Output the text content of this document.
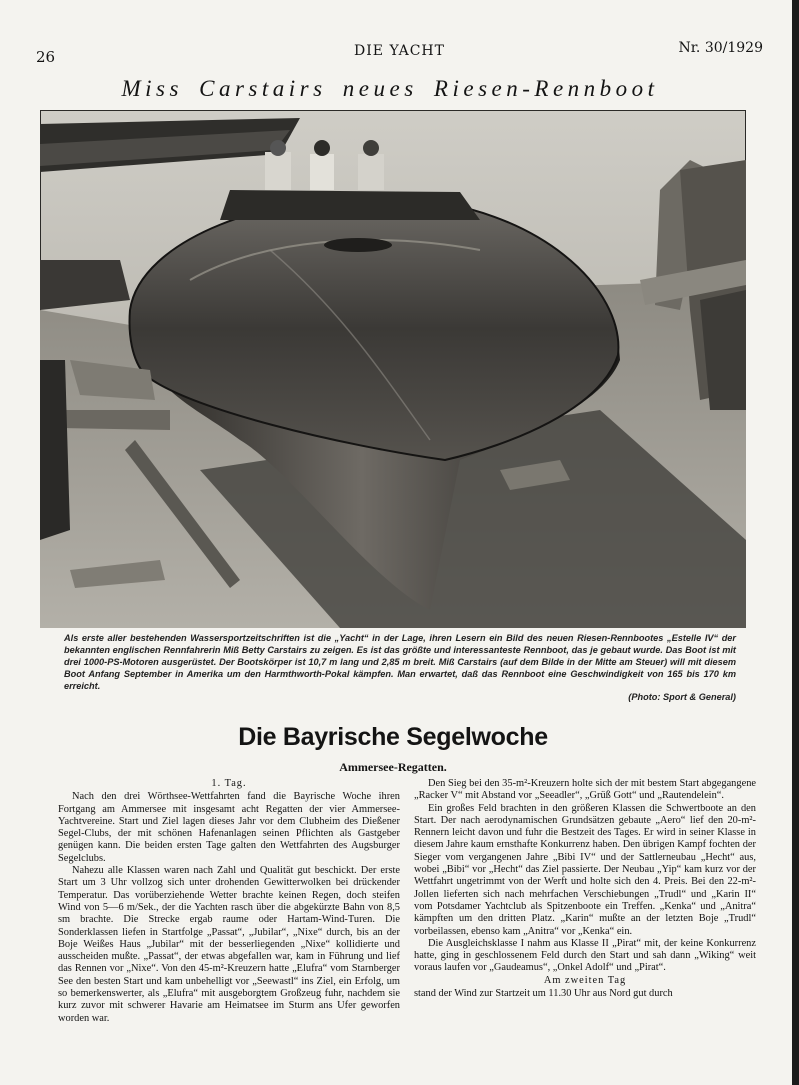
26	DIE YACHT	Nr. 30/1929
Miss Carstairs neues Riesen-Rennboot
Als erste aller bestehenden Wassersportzeitschriften ist die „Yacht“ in der Lage, ihren Lesern ein Bild des neuen Riesen-Rennbootes „Estelle IV“ der bekannten englischen Rennfahrerin Miß Betty Carstairs zu zeigen. Es ist das größte und interessanteste Rennboot, das je gebaut wurde. Das Boot ist mit drei 1000-PS-Motoren ausgerüstet. Der Bootskörper ist 10,7 m lang und 2,85 m breit. Miß Carstairs (auf dem Bilde in der Mitte am Steuer) will mit diesem Boot Anfang September in Amerika um den Harmthworth-Pokal kämpfen. Man erwartet, daß das Rennboot eine Geschwindigkeit von 165 bis 170 km erreicht.
(Photo: Sport & General)
Die Bayrische Segelwoche
Ammersee-Regatten.

1. Tag.

Nach den drei Wörthsee-Wettfahrten fand die Bayrische Woche ihren Fortgang am Ammersee mit insgesamt acht Regatten der vier Ammersee-Yachtvereine. Start und Ziel lagen dieses Jahr vor dem Clubheim des Dießener Segel-Clubs, der mit schönen Hafenanlagen seinen Pflichten als Gastgeber genügen kann. Die beiden ersten Tage galten den Wettfahrten des Augsburger Segelclubs.

Nahezu alle Klassen waren nach Zahl und Qualität gut beschickt. Der erste Start um 3 Uhr vollzog sich unter drohenden Gewitterwolken bei drückender Temperatur. Das vorüberziehende Wetter brachte keinen Regen, doch steifen Wind von 5—6 m/Sek., der die Yachten rasch über die abgekürzte Bahn von 8,5 sm brachte. Die Strecke ergab raume oder Hartam-Wind-Turen. Die Sonderklassen liefen in Startfolge „Passat“, „Jubilar“, „Nixe“ durch, bis an der Boje Weißes Haus „Jubilar“ mit der besserliegenden „Nixe“ kollidierte und ausscheiden mußte. „Passat“, der etwas abgefallen war, kam in Führung und lief das Rennen vor „Nixe“. Von den 45-m²-Kreuzern hatte „Elufra“ vom Starnberger See den besten Start und kam unbehelligt vor „Seewastl“ ins Ziel, ein Erfolg, um so bemerkenswerter, als „Elufra“ mit ausgeborgtem Großzeug fuhr, nachdem sie kurz zuvor mit schwerer Havarie am Heimatsee im Sturm ans Ufer geworfen worden war.

Den Sieg bei den 35-m²-Kreuzern holte sich der mit bestem Start abgegangene „Racker V“ mit Abstand vor „Seeadler“, „Grüß Gott“ und „Rautendelein“.

Ein großes Feld brachten in den größeren Klassen die Schwertboote an den Start. Der nach aerodynamischen Grundsätzen gebaute „Aero“ lief den 20-m²-Rennern leicht davon und fuhr die Bestzeit des Tages. Er wird in seiner Klasse in diesem Jahre kaum ernsthafte Konkurrenz haben. Den übrigen Kampf fochten der Sieger vom vergangenen Jahre „Bibi IV“ und der Sattlerneubau „Hecht“ aus, wobei „Bibi“ vor „Hecht“ das Ziel passierte. Der Neubau „Yip“ kam kurz vor der Wettfahrt ungetrimmt von der Werft und holte sich den 4. Preis. Bei den 22-m²-Jollen lieferten sich nach mehrfachen Verschiebungen „Trudl“ und „Karin II“ vom Potsdamer Yachtclub als Spitzenboote ein Treffen. „Kenka“ und „Anitra“ kämpften um den dritten Platz. „Karin“ mußte an der letzten Boje „Trudl“ vorbeilassen, ebenso kam „Anitra“ vor „Kenka“ ein.

Die Ausgleichsklasse I nahm aus Klasse II „Pirat“ mit, der keine Konkurrenz hatte, ging in geschlossenem Feld durch den Start und sah dann „Wiking“ weit voraus laufen vor „Gaudeamus“, „Onkel Adolf“ und „Pirat“.

Am zweiten Tag

stand der Wind zur Startzeit um 11.30 Uhr aus Nord gut durch
